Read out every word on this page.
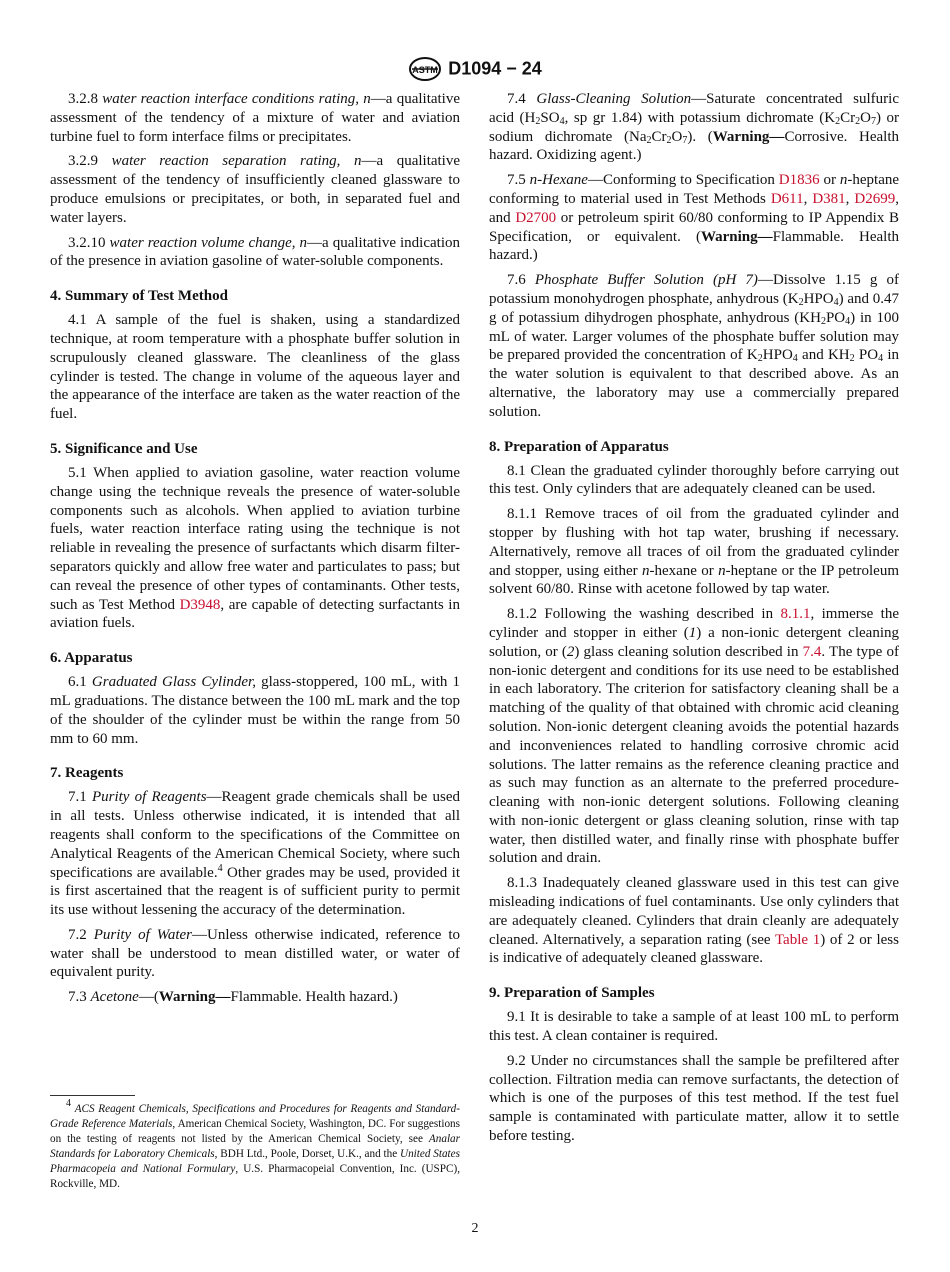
ASTM D1094 − 24

3.2.8 water reaction interface conditions rating, n—a qualitative assessment of the tendency of a mixture of water and aviation turbine fuel to form interface films or precipitates.

3.2.9 water reaction separation rating, n—a qualitative assessment of the tendency of insufficiently cleaned glassware to produce emulsions or precipitates, or both, in separated fuel and water layers.

3.2.10 water reaction volume change, n—a qualitative indication of the presence in aviation gasoline of water-soluble components.

4. Summary of Test Method

4.1 A sample of the fuel is shaken, using a standardized technique, at room temperature with a phosphate buffer solution in scrupulously cleaned glassware. The cleanliness of the glass cylinder is tested. The change in volume of the aqueous layer and the appearance of the interface are taken as the water reaction of the fuel.

5. Significance and Use

5.1 When applied to aviation gasoline, water reaction volume change using the technique reveals the presence of water-soluble components such as alcohols. When applied to aviation turbine fuels, water reaction interface rating using the technique is not reliable in revealing the presence of surfactants which disarm filter-separators quickly and allow free water and particulates to pass; but can reveal the presence of other types of contaminants. Other tests, such as Test Method D3948, are capable of detecting surfactants in aviation fuels.

6. Apparatus

6.1 Graduated Glass Cylinder, glass-stoppered, 100 mL, with 1 mL graduations. The distance between the 100 mL mark and the top of the shoulder of the cylinder must be within the range from 50 mm to 60 mm.

7. Reagents

7.1 Purity of Reagents—Reagent grade chemicals shall be used in all tests. Unless otherwise indicated, it is intended that all reagents shall conform to the specifications of the Committee on Analytical Reagents of the American Chemical Society, where such specifications are available.$^4$ Other grades may be used, provided it is first ascertained that the reagent is of sufficient purity to permit its use without lessening the accuracy of the determination.

7.2 Purity of Water—Unless otherwise indicated, reference to water shall be understood to mean distilled water, or water of equivalent purity.

7.3 Acetone—(Warning—Flammable. Health hazard.)

$^4$ ACS Reagent Chemicals, Specifications and Procedures for Reagents and Standard-Grade Reference Materials, American Chemical Society, Washington, DC. For suggestions on the testing of reagents not listed by the American Chemical Society, see Analar Standards for Laboratory Chemicals, BDH Ltd., Poole, Dorset, U.K., and the United States Pharmacopeia and National Formulary, U.S. Pharmacopeial Convention, Inc. (USPC), Rockville, MD.

7.4 Glass-Cleaning Solution—Saturate concentrated sulfuric acid ($H_2SO_4$, sp gr 1.84) with potassium dichromate $(K_2Cr_2O_7)$ or sodium dichromate $(Na_2Cr_2O_7)$. (Warning—Corrosive. Health hazard. Oxidizing agent.)

7.5 n-Hexane—Conforming to Specification D1836 or n-heptane conforming to material used in Test Methods D611, D381, D2699, and D2700 or petroleum spirit 60/80 conforming to IP Appendix B Specification, or equivalent. (Warning—Flammable. Health hazard.)

7.6 Phosphate Buffer Solution (pH 7)—Dissolve 1.15 g of potassium monohydrogen phosphate, anhydrous $(K_2HPO_4)$ and 0.47 g of potassium dihydrogen phosphate, anhydrous $(KH_2PO_4)$ in 100 mL of water. Larger volumes of the phosphate buffer solution may be prepared provided the concentration of $K_2HPO_4$ and $KH_2$ $PO_4$ in the water solution is equivalent to that described above. As an alternative, the laboratory may use a commercially prepared solution.

8. Preparation of Apparatus

8.1 Clean the graduated cylinder thoroughly before carrying out this test. Only cylinders that are adequately cleaned can be used.

8.1.1 Remove traces of oil from the graduated cylinder and stopper by flushing with hot tap water, brushing if necessary. Alternatively, remove all traces of oil from the graduated cylinder and stopper, using either n-hexane or n-heptane or the IP petroleum solvent 60/80. Rinse with acetone followed by tap water.

8.1.2 Following the washing described in 8.1.1, immerse the cylinder and stopper in either (1) a non-ionic detergent cleaning solution, or (2) glass cleaning solution described in 7.4. The type of non-ionic detergent and conditions for its use need to be established in each laboratory. The criterion for satisfactory cleaning shall be a matching of the quality of that obtained with chromic acid cleaning solution. Non-ionic detergent cleaning avoids the potential hazards and inconveniences related to handling corrosive chromic acid solutions. The latter remains as the reference cleaning practice and as such may function as an alternate to the preferred procedure-cleaning with non-ionic detergent solutions. Following cleaning with non-ionic detergent or glass cleaning solution, rinse with tap water, then distilled water, and finally rinse with phosphate buffer solution and drain.

8.1.3 Inadequately cleaned glassware used in this test can give misleading indications of fuel contaminants. Use only cylinders that are adequately cleaned. Cylinders that drain cleanly are adequately cleaned. Alternatively, a separation rating (see Table 1) of 2 or less is indicative of adequately cleaned glassware.

9. Preparation of Samples

9.1 It is desirable to take a sample of at least 100 mL to perform this test. A clean container is required.

9.2 Under no circumstances shall the sample be prefiltered after collection. Filtration media can remove surfactants, the detection of which is one of the purposes of this test method. If the test fuel sample is contaminated with particulate matter, allow it to settle before testing.

2
